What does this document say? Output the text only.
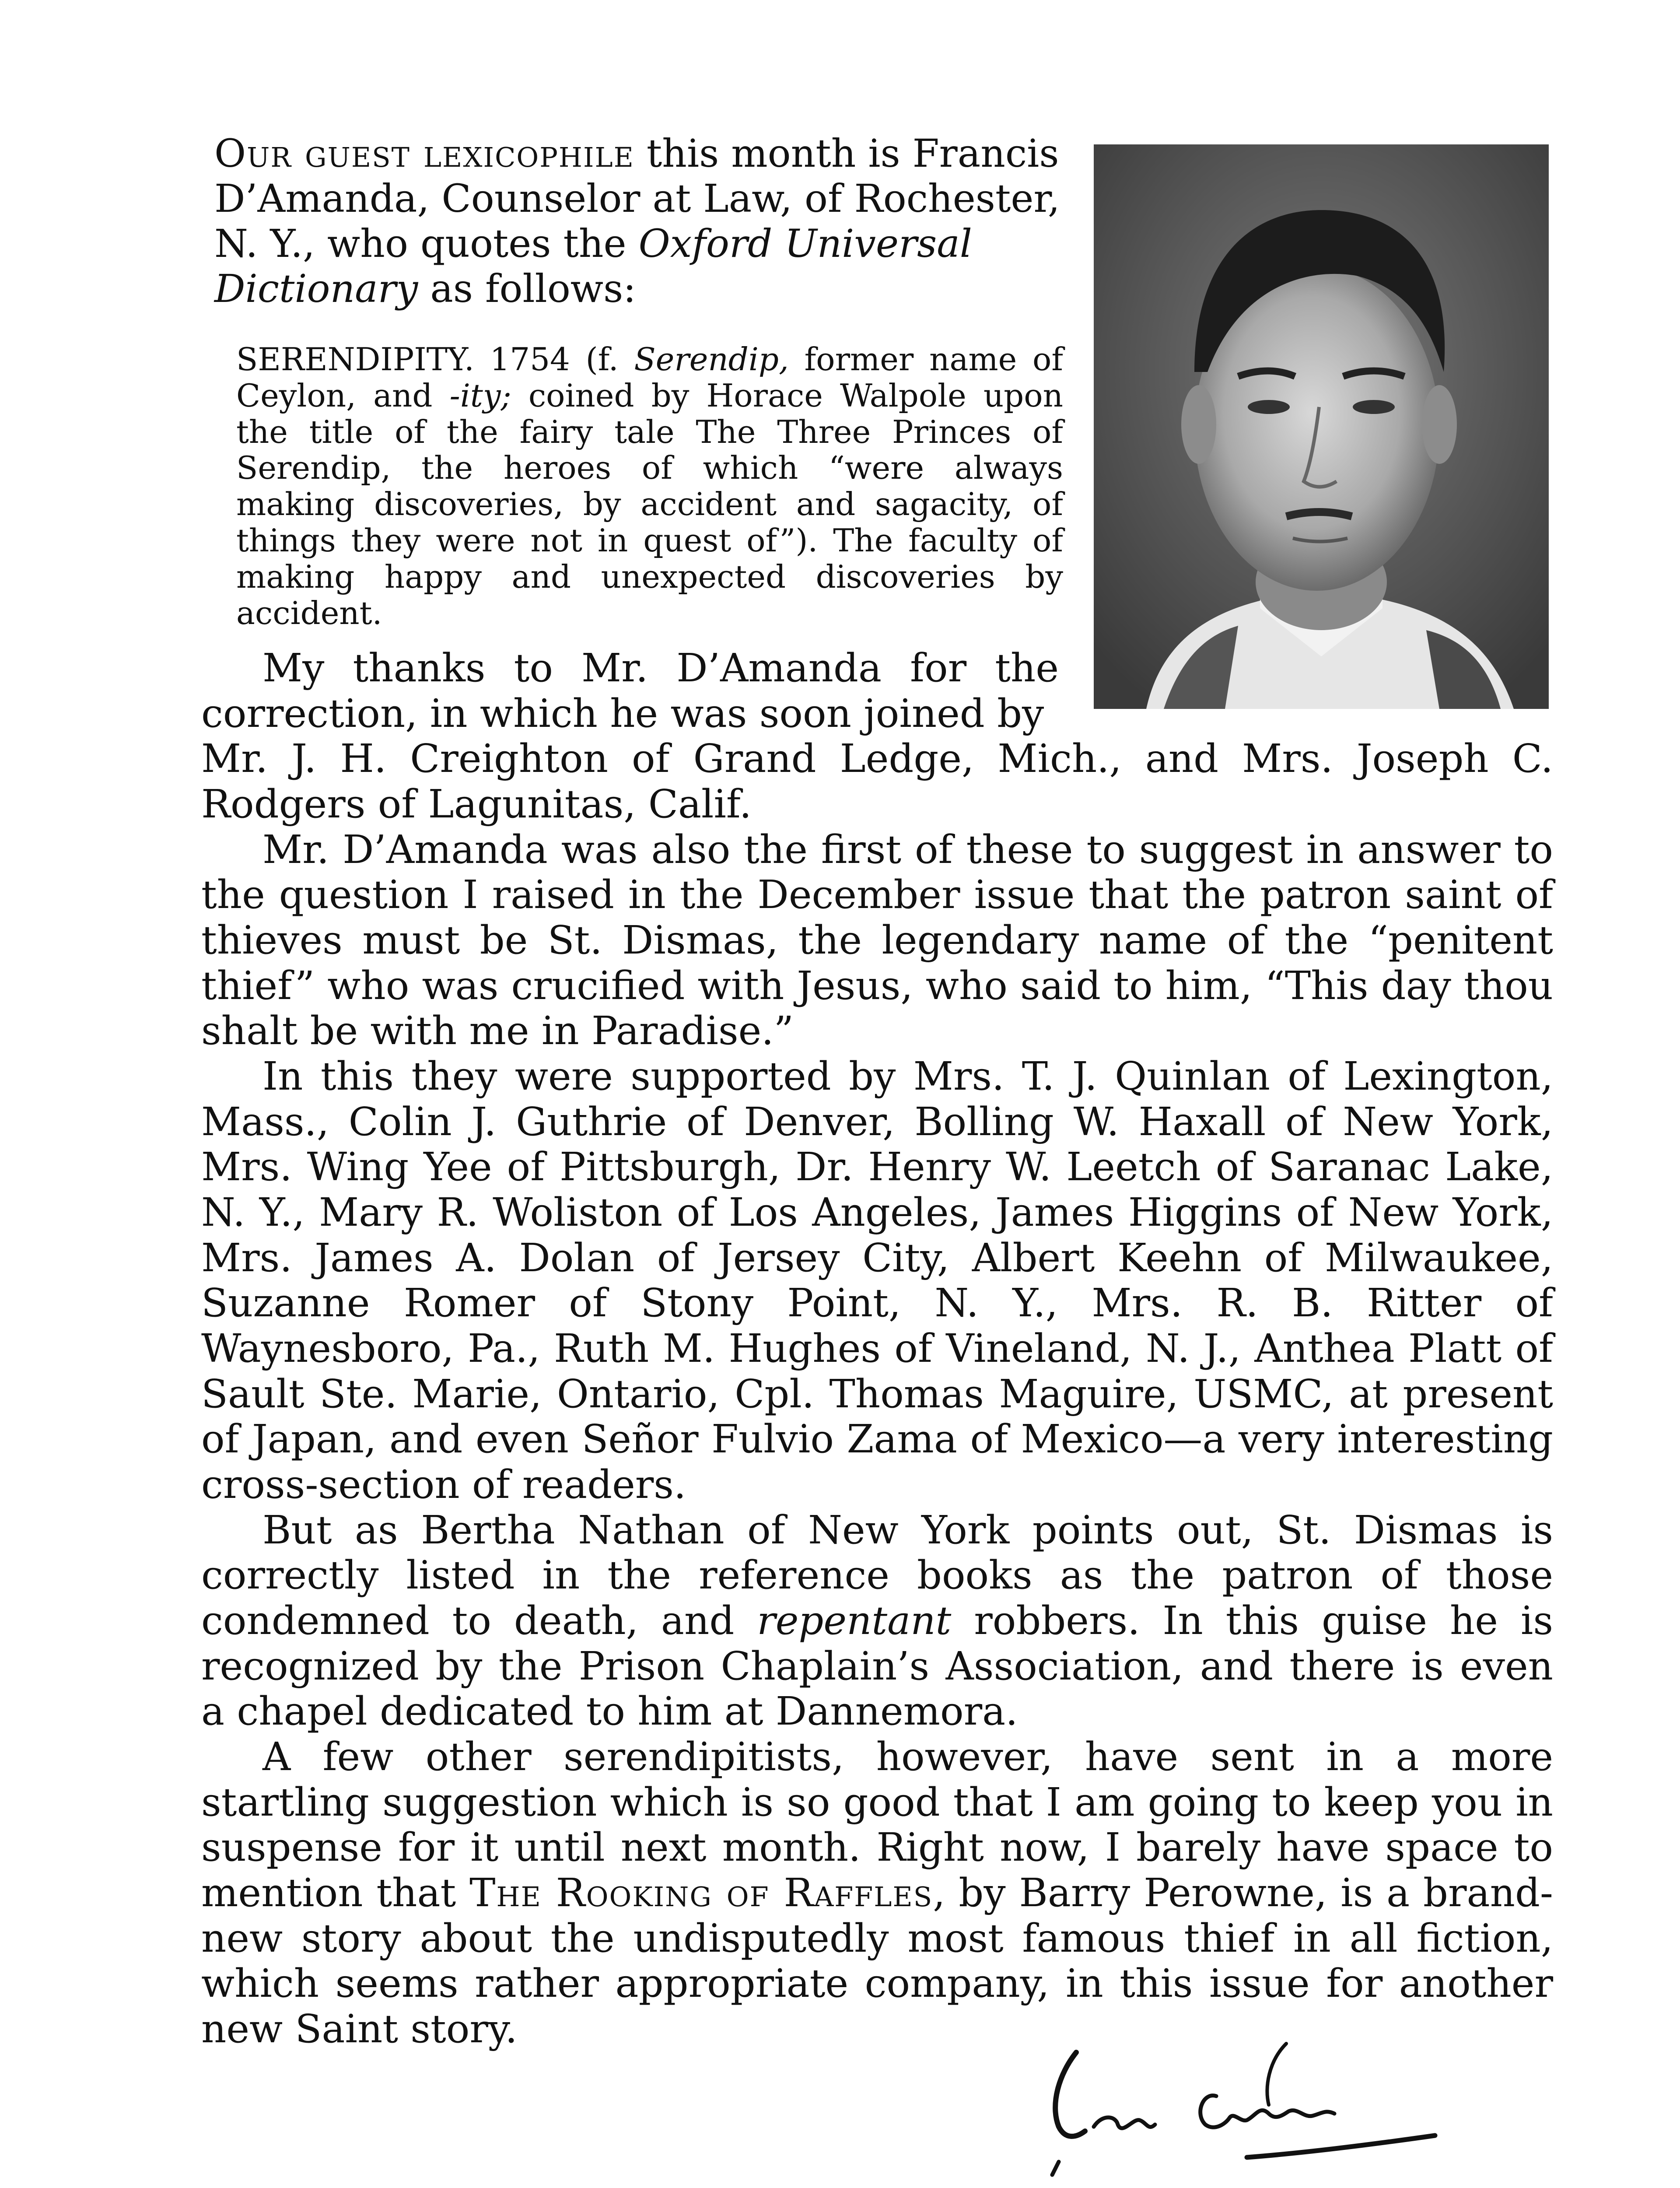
Our guest lexicophile this month is Francis D’Amanda, Counselor at Law, of Rochester, N. Y., who quotes the Oxford Universal Dictionary as follows:

SERENDIPITY. 1754 (f. Serendip, former name of Ceylon, and -ity; coined by Horace Walpole upon the title of the fairy tale The Three Princes of Serendip, the heroes of which “were always making discoveries, by accident and sagacity, of things they were not in quest of”). The faculty of making happy and unexpected discoveries by accident.

My thanks to Mr. D’Amanda for the correction, in which he was soon joined by

Mr. J. H. Creighton of Grand Ledge, Mich., and Mrs. Joseph C. Rodgers of Lagunitas, Calif.

Mr. D’Amanda was also the first of these to suggest in answer to the question I raised in the December issue that the patron saint of thieves must be St. Dismas, the legendary name of the “penitent thief” who was crucified with Jesus, who said to him, “This day thou shalt be with me in Paradise.”

In this they were supported by Mrs. T. J. Quinlan of Lexington, Mass., Colin J. Guthrie of Denver, Bolling W. Haxall of New York, Mrs. Wing Yee of Pittsburgh, Dr. Henry W. Leetch of Saranac Lake, N. Y., Mary R. Woliston of Los Angeles, James Higgins of New York, Mrs. James A. Dolan of Jersey City, Albert Keehn of Milwaukee, Suzanne Romer of Stony Point, N. Y., Mrs. R. B. Ritter of Waynesboro, Pa., Ruth M. Hughes of Vineland, N. J., Anthea Platt of Sault Ste. Marie, Ontario, Cpl. Thomas Maguire, USMC, at present of Japan, and even Señor Fulvio Zama of Mexico—a very interesting cross-section of readers.

But as Bertha Nathan of New York points out, St. Dismas is correctly listed in the reference books as the patron of those condemned to death, and repentant robbers. In this guise he is recognized by the Prison Chaplain’s Association, and there is even a chapel dedicated to him at Dannemora.

A few other serendipitists, however, have sent in a more startling suggestion which is so good that I am going to keep you in suspense for it until next month. Right now, I barely have space to mention that The Rooking of Raffles, by Barry Perowne, is a brand-new story about the undisputedly most famous thief in all fiction, which seems rather appropriate company, in this issue for another new Saint story.
